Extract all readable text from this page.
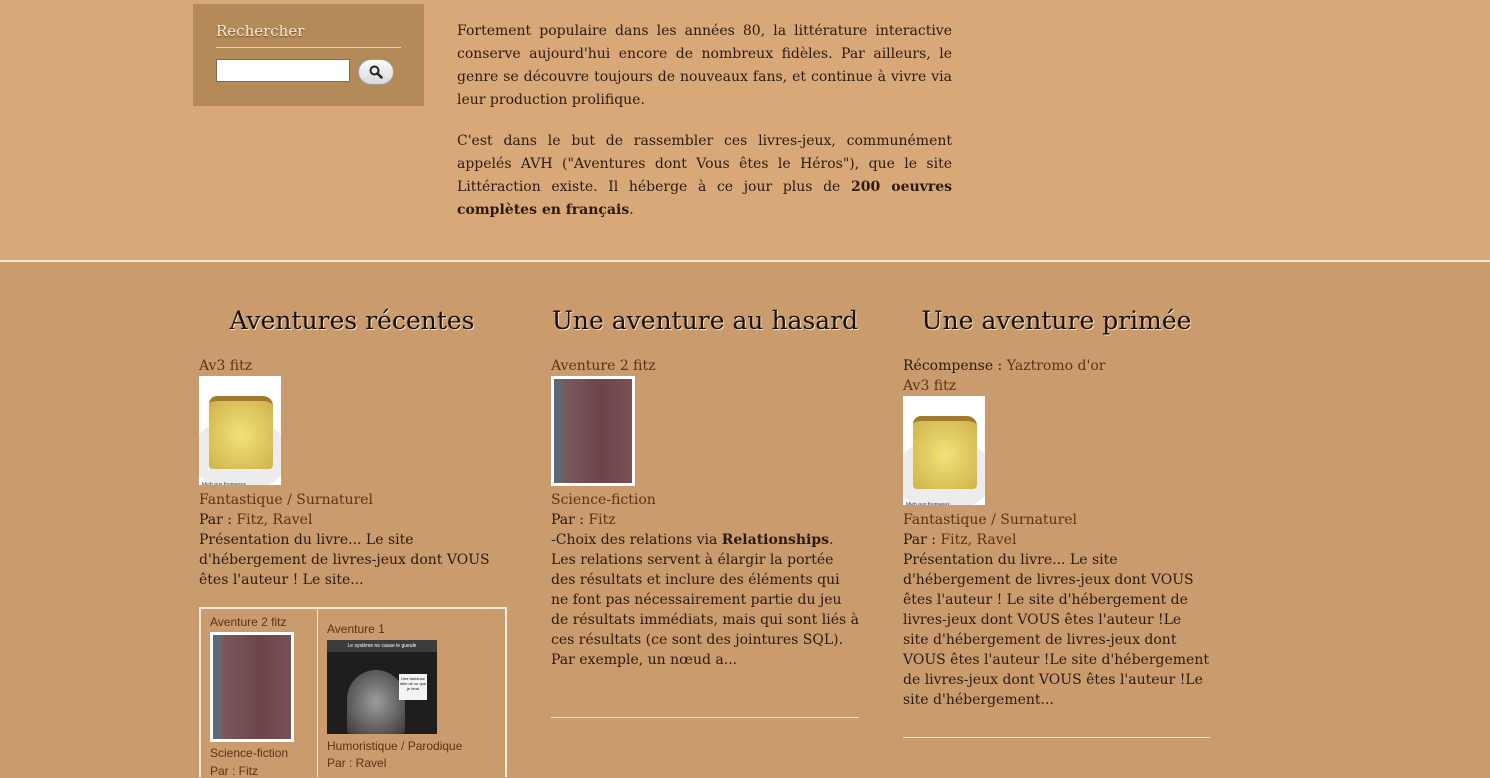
Rechercher	Fortement populaire dans les années 80, la littérature interactive conserve aujourd'hui encore de nombreux fidèles. Par ailleurs, le genre se découvre toujours de nouveaux fans, et continue à vivre via leur production prolifique.

C'est dans le but de rassembler ces livres-jeux, communément appelés AVH ("Aventures dont Vous êtes le Héros"), que le site Littéraction existe. Il héberge à ce jour plus de 200 oeuvres complètes en français.

Aventures récentes	Une aventure au hasard	Une aventure primée
Av3 fitz
Mieh aux fourneaux
Fantastique / Surnaturel
Par : Fitz, Ravel
Présentation du livre... Le site d'hébergement de livres-jeux dont VOUS êtes l'auteur ! Le site...
Aventure 2 fitz
Science-fiction
Par : Fitz
Aventure 1
Le système ne cause le gueule
Une fameuse idée de ce que je ferai
Humoristique / Parodique
Par : Ravel
Aventure 2 fitz
Science-fiction
Par : Fitz
-Choix des relations via Relationships. Les relations servent à élargir la portée des résultats et inclure des éléments qui ne font pas nécessairement partie du jeu de résultats immédiats, mais qui sont liés à ces résultats (ce sont des jointures SQL). Par exemple, un nœud a...
Récompense : Yaztromo d'or
Av3 fitz
Mieh aux fourneaux
Fantastique / Surnaturel
Par : Fitz, Ravel
Présentation du livre... Le site d'hébergement de livres-jeux dont VOUS êtes l'auteur ! Le site d'hébergement de livres-jeux dont VOUS êtes l'auteur !Le site d'hébergement de livres-jeux dont VOUS êtes l'auteur !Le site d'hébergement de livres-jeux dont VOUS êtes l'auteur !Le site d'hébergement...
